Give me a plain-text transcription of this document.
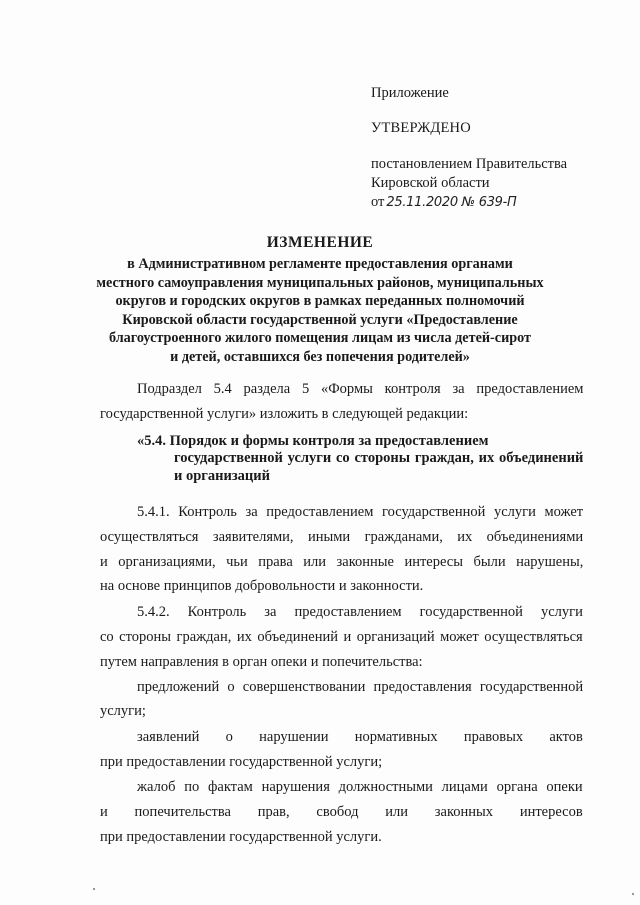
Приложение
УТВЕРЖДЕНО
постановлением Правительства
Кировской области
от 25.11.2020 № 639-П
ИЗМЕНЕНИЕ
в Административном регламенте предоставления органами
местного самоуправления муниципальных районов, муниципальных
округов и городских округов в рамках переданных полномочий
Кировской области государственной услуги «Предоставление
благоустроенного жилого помещения лицам из числа детей-сирот
и детей, оставшихся без попечения родителей»
Подраздел 5.4 раздела 5 «Формы контроля за предоставлением
государственной услуги» изложить в следующей редакции:
«5.4. Порядок и формы контроля за предоставлением
государственной услуги со стороны граждан, их объединений
и организаций
5.4.1. Контроль за предоставлением государственной услуги может
осуществляться заявителями, иными гражданами, их объединениями
и организациями, чьи права или законные интересы были нарушены,
на основе принципов добровольности и законности.
5.4.2. Контроль за предоставлением государственной услуги
со стороны граждан, их объединений и организаций может осуществляться
путем направления в орган опеки и попечительства:
предложений о совершенствовании предоставления государственной
услуги;
заявлений о нарушении нормативных правовых актов
при предоставлении государственной услуги;
жалоб по фактам нарушения должностными лицами органа опеки
и попечительства прав, свобод или законных интересов
при предоставлении государственной услуги.
